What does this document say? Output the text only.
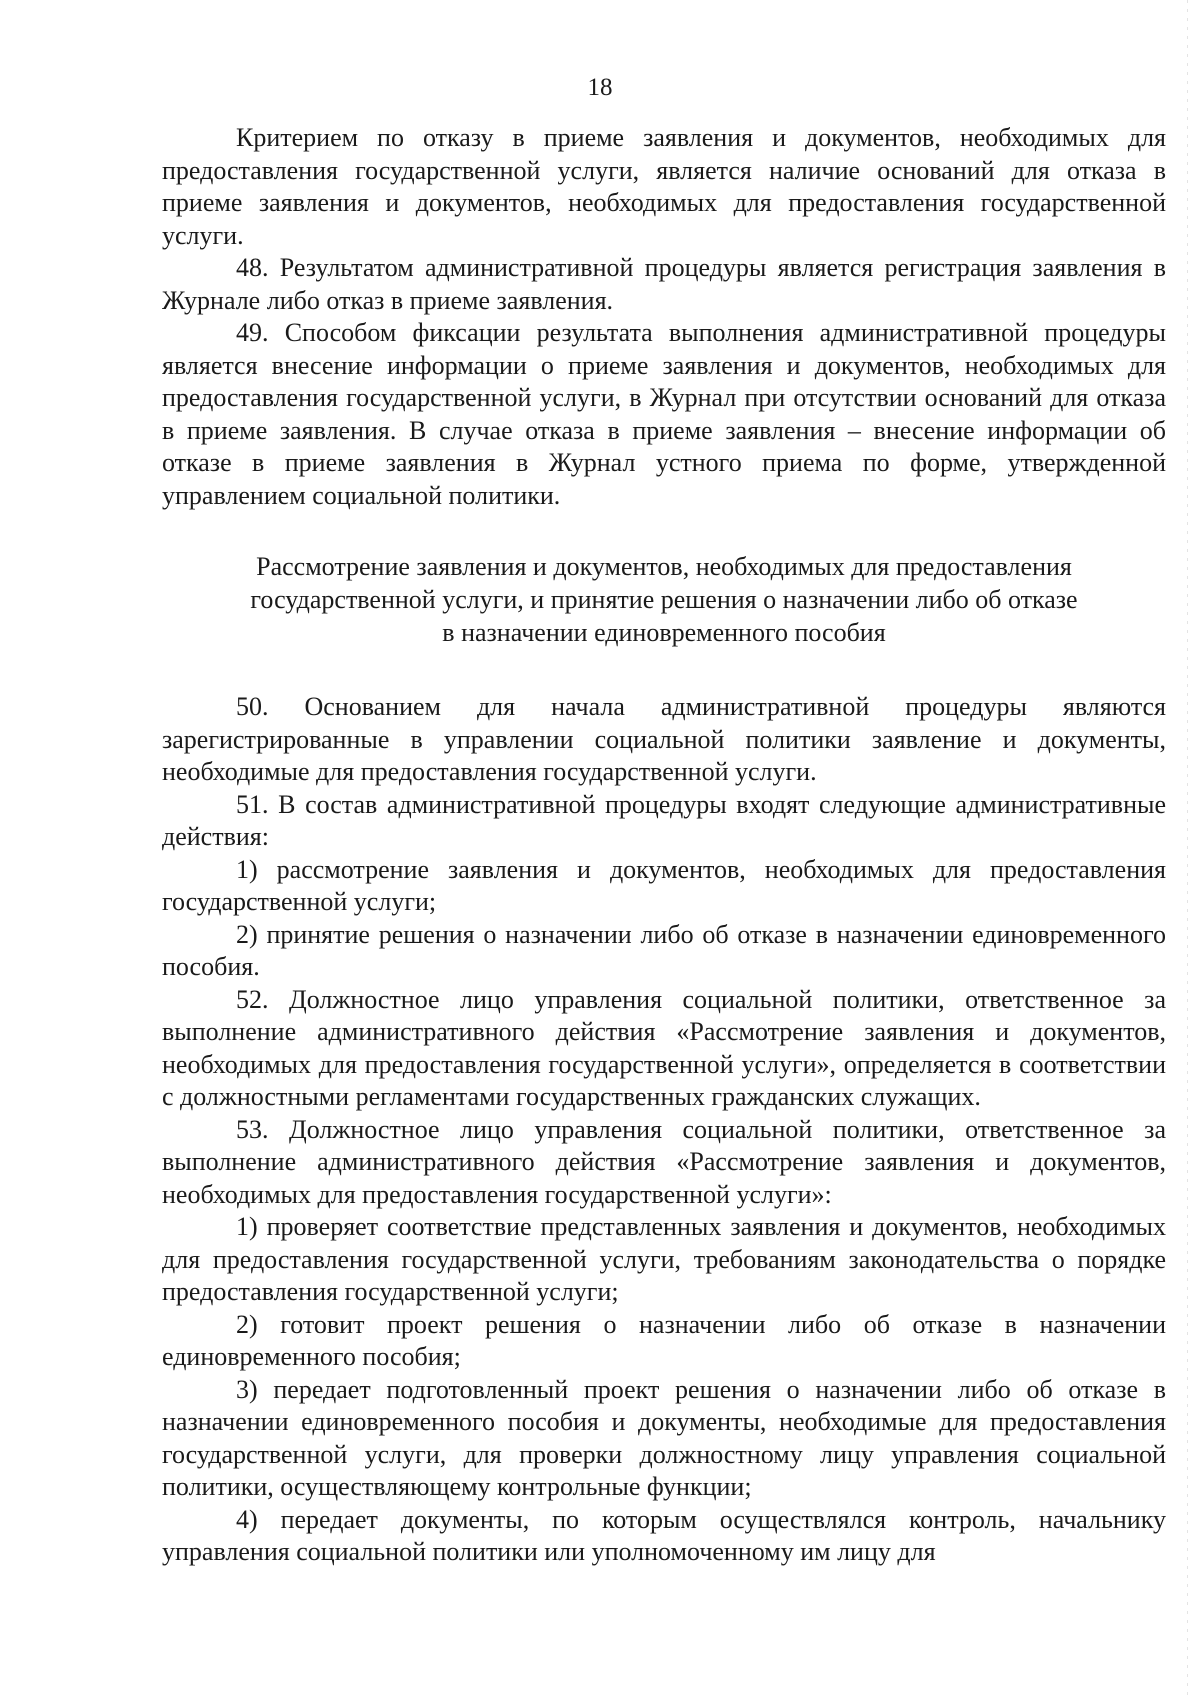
18

Критерием по отказу в приеме заявления и документов, необходимых для предоставления государственной услуги, является наличие оснований для отказа в приеме заявления и документов, необходимых для предоставления государственной услуги.

48. Результатом административной процедуры является регистрация заявления в Журнале либо отказ в приеме заявления.

49. Способом фиксации результата выполнения административной процедуры является внесение информации о приеме заявления и документов, необходимых для предоставления государственной услуги, в Журнал при отсутствии оснований для отказа в приеме заявления. В случае отказа в приеме заявления – внесение информации об отказе в приеме заявления в Журнал устного приема по форме, утвержденной управлением социальной политики.

Рассмотрение заявления и документов, необходимых для предоставления
государственной услуги, и принятие решения о назначении либо об отказе
в назначении единовременного пособия

50. Основанием для начала административной процедуры являются зарегистрированные в управлении социальной политики заявление и документы, необходимые для предоставления государственной услуги.

51. В состав административной процедуры входят следующие административные действия:

1) рассмотрение заявления и документов, необходимых для предоставления государственной услуги;

2) принятие решения о назначении либо об отказе в назначении единовременного пособия.

52. Должностное лицо управления социальной политики, ответственное за выполнение административного действия «Рассмотрение заявления и документов, необходимых для предоставления государственной услуги», определяется в соответствии с должностными регламентами государственных гражданских служащих.

53. Должностное лицо управления социальной политики, ответственное за выполнение административного действия «Рассмотрение заявления и документов, необходимых для предоставления государственной услуги»:

1) проверяет соответствие представленных заявления и документов, необходимых для предоставления государственной услуги, требованиям законодательства о порядке предоставления государственной услуги;

2) готовит проект решения о назначении либо об отказе в назначении единовременного пособия;

3) передает подготовленный проект решения о назначении либо об отказе в назначении единовременного пособия и документы, необходимые для предоставления государственной услуги, для проверки должностному лицу управления социальной политики, осуществляющему контрольные функции;

4) передает документы, по которым осуществлялся контроль, начальнику управления социальной политики или уполномоченному им лицу для
